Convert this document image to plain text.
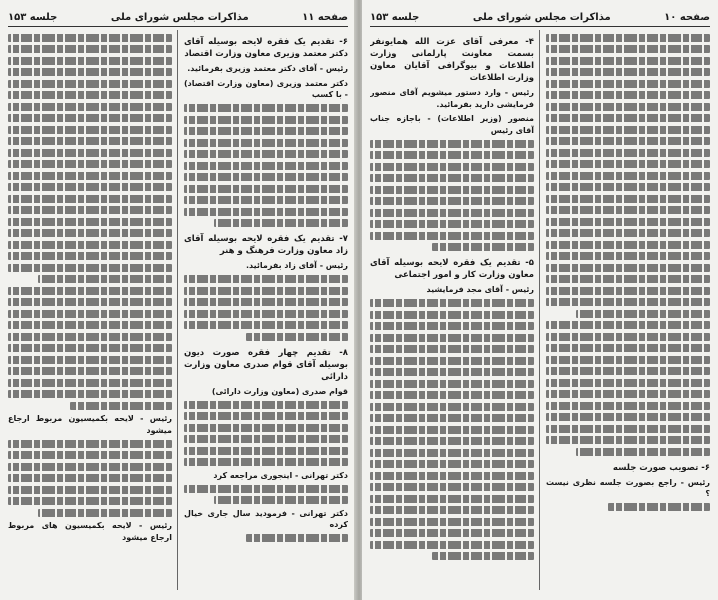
صفحه ۱۱
مذاکرات مجلس شورای ملی
جلسه ۱۵۳
۶- تقدیم یک فقره لایحه بوسیله آقای دکتر معتمد وزیری معاون وزارت اقتصاد
رئیس - آقای دکتر معتمد وزیری بفرمائید.
دکتر معتمد وزیری (معاون وزارت اقتصاد) - با کسب
۷- تقدیم یک فقره لایحه بوسیله آقای زاد معاون وزارت فرهنگ و هنر
رئیس - آقای زاد بفرمائید.
۸- تقدیم چهار فقره صورت دیون بوسیله آقای قوام صدری معاون وزارت دارائی
قوام صدری (معاون وزارت دارائی)
دکتر تهرانی - اینجوری مراجعه کرد
دکتر تهرانی - فرمودید سال جاری خیال کرده
رئیس - لایحه بکمیسیون مربوط ارجاع میشود
رئیس - لایحه بکمیسیون های مربوط ارجاع میشود
صفحه ۱۰
مذاکرات مجلس شورای ملی
جلسه ۱۵۳
۶- تصویب صورت جلسه
رئیس - راجع بصورت جلسه نظری نیست ؟
۴- معرفی آقای عزت الله همایونفر بسمت معاونت پارلمانی وزارت اطلاعات و بیوگرافی آقایان معاون وزارت اطلاعات
رئیس - وارد دستور میشویم آقای منصور فرمایشی دارید بفرمائید.
منصور (وزیر اطلاعات) - باجازه جناب آقای رئیس
۵- تقدیم یک فقره لایحه بوسیله آقای معاون وزارت کار و امور اجتماعی
رئیس - آقای مجد فرمایشید
